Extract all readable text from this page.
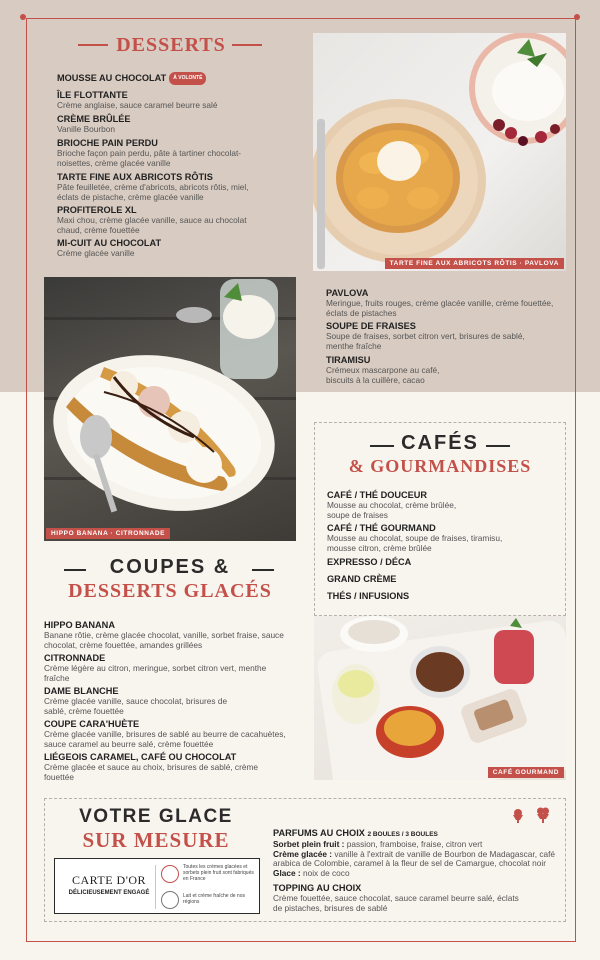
DESSERTS
MOUSSE AU CHOCOLAT À VOLONTÉ
ÎLE FLOTTANTE
Crème anglaise, sauce caramel beurre salé
CRÈME BRÛLÉE
Vanille Bourbon
BRIOCHE PAIN PERDU
Brioche façon pain perdu, pâte à tartiner chocolat-noisettes, crème glacée vanille
TARTE FINE AUX ABRICOTS RÔTIS
Pâte feuilletée, crème d'abricots, abricots rôtis, miel, éclats de pistache, crème glacée vanille
PROFITEROLE XL
Maxi chou, crème glacée vanille, sauce au chocolat chaud, crème fouettée
MI-CUIT AU CHOCOLAT
Crème glacée vanille
TARTE FINE AUX ABRICOTS RÔTIS · PAVLOVA
HIPPO BANANA · CITRONNADE
PAVLOVA
Meringue, fruits rouges, crème glacée vanille, crème fouettée, éclats de pistaches
SOUPE DE FRAISES
Soupe de fraises, sorbet citron vert, brisures de sablé, menthe fraîche
TIRAMISU
Crémeux mascarpone au café, biscuits à la cuillère, cacao
CAFÉS
& GOURMANDISES
CAFÉ / THÉ DOUCEUR
Mousse au chocolat, crème brûlée, soupe de fraises
CAFÉ / THÉ GOURMAND
Mousse au chocolat, soupe de fraises, tiramisu, mousse citron, crème brûlée
EXPRESSO / DÉCA
GRAND CRÈME
THÉS / INFUSIONS
CAFÉ GOURMAND
COUPES &
DESSERTS GLACÉS
HIPPO BANANA
Banane rôtie, crème glacée chocolat, vanille, sorbet fraise, sauce chocolat, crème fouettée, amandes grillées
CITRONNADE
Crème légère au citron, meringue, sorbet citron vert, menthe fraîche
DAME BLANCHE
Crème glacée vanille, sauce chocolat, brisures de sablé, crème fouettée
COUPE CARA'HUÈTE
Crème glacée vanille, brisures de sablé au beurre de cacahuètes, sauce caramel au beurre salé, crème fouettée
LIÉGEOIS CARAMEL, CAFÉ OU CHOCOLAT
Crème glacée et sauce au choix, brisures de sablé, crème fouettée
VOTRE GLACE
SUR MESURE
CARTE D'OR
DÉLICIEUSEMENT ENGAGÉ
Toutes les crèmes glacées et sorbets plein fruit sont fabriqués en France
Lait et crème fraîche de nos régions
PARFUMS AU CHOIX 2 BOULES / 3 BOULES
Sorbet plein fruit : passion, framboise, fraise, citron vert
Crème glacée : vanille à l'extrait de vanille de Bourbon de Madagascar, café arabica de Colombie, caramel à la fleur de sel de Camargue, chocolat noir
Glace : noix de coco
TOPPING AU CHOIX
Crème fouettée, sauce chocolat, sauce caramel beurre salé, éclats de pistaches, brisures de sablé
